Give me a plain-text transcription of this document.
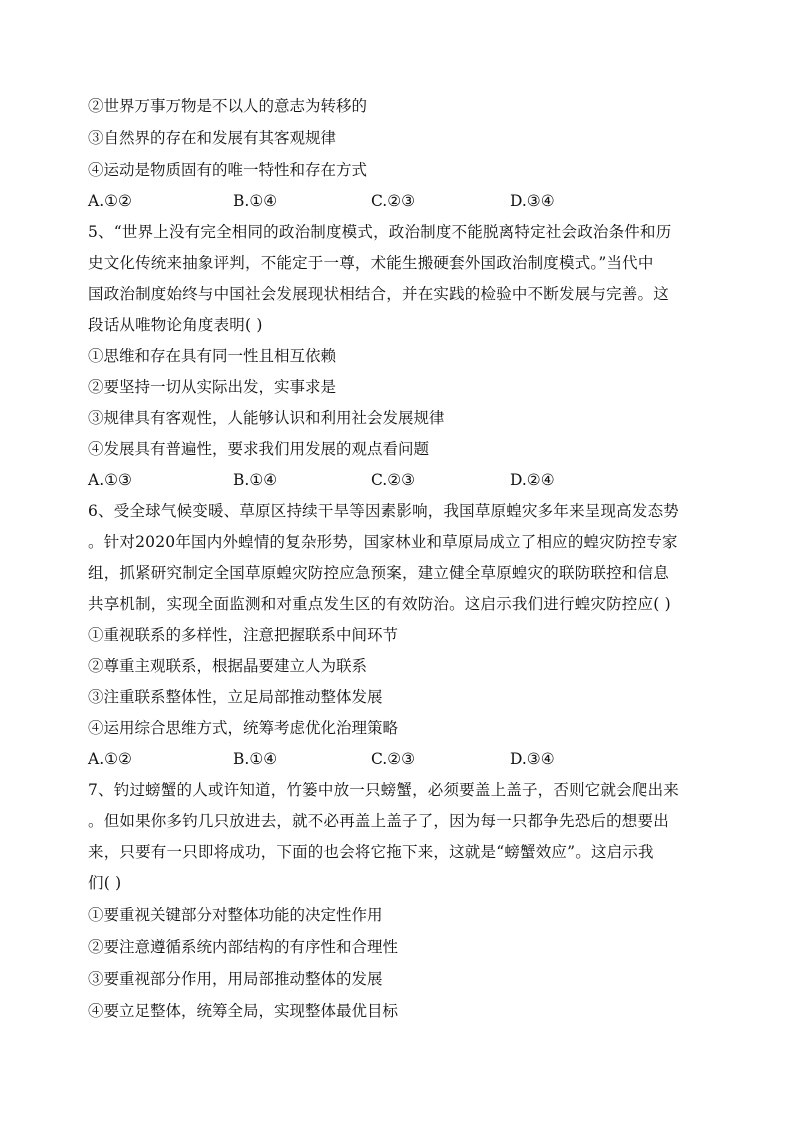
②世界万事万物是不以人的意志为转移的
③自然界的存在和发展有其客观规律
④运动是物质固有的唯一特性和存在方式
A.①②	B.①④	C.②③	D.③④
5、“世界上没有完全相同的政治制度模式，政治制度不能脱离特定社会政治条件和历
史文化传统来抽象评判，不能定于一尊，术能生搬硬套外国政治制度模式。”当代中
国政治制度始终与中国社会发展现状相结合，并在实践的检验中不断发展与完善。这
段话从唯物论角度表明( )
①思维和存在具有同一性且相互依赖
②要坚持一切从实际出发，实事求是
③规律具有客观性，人能够认识和利用社会发展规律
④发展具有普遍性，要求我们用发展的观点看问题
A.①③	B.①④	C.②③	D.②④
6、受全球气候变暖、草原区持续干旱等因素影响，我国草原蝗灾多年来呈现高发态势
。针对2020年国内外蝗情的复杂形势，国家林业和草原局成立了相应的蝗灾防控专家
组，抓紧研究制定全国草原蝗灾防控应急预案，建立健全草原蝗灾的联防联控和信息
共享机制，实现全面监测和对重点发生区的有效防治。这启示我们进行蝗灾防控应( )
①重视联系的多样性，注意把握联系中间环节
②尊重主观联系，根据晶要建立人为联系
③注重联系整体性，立足局部推动整体发展
④运用综合思维方式，统筹考虑优化治理策略
A.①②	B.①④	C.②③	D.③④
7、钓过螃蟹的人或许知道，竹篓中放一只螃蟹，必须要盖上盖子，否则它就会爬出来
。但如果你多钓几只放进去，就不必再盖上盖子了，因为每一只都争先恐后的想要出
来，只要有一只即将成功，下面的也会将它拖下来，这就是“螃蟹效应”。这启示我
们( )
①要重视关键部分对整体功能的决定性作用
②要注意遵循系统内部结构的有序性和合理性
③要重视部分作用，用局部推动整体的发展
④要立足整体，统筹全局，实现整体最优目标
